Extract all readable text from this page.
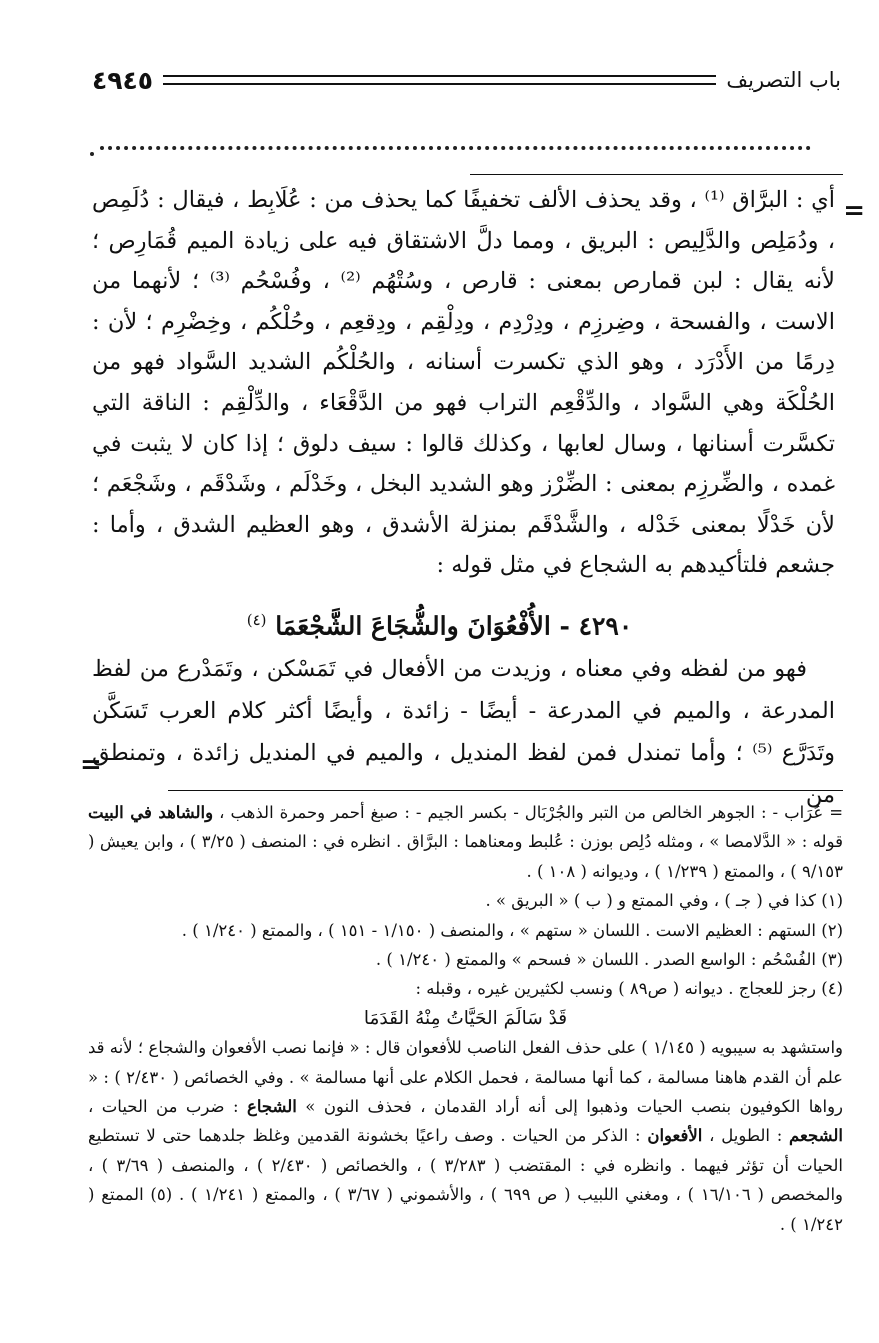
باب التصريف
٤٩٤٥
=

أي : البرَّاق ⁽¹⁾ ، وقد يحذف الألف تخفيفًا كما يحذف من : عُلَابِط ، فيقال : دُلَمِص ، ودُمَلِص والدَّلِيص : البريق ، ومما دلَّ الاشتقاق فيه على زيادة الميم قُمَارِص ؛ لأنه يقال : لبن قمارص بمعنى : قارص ، وسُتْهُم ⁽²⁾ ، وفُسْحُم ⁽³⁾ ؛ لأنهما من الاست ، والفسحة ، وضِرزِم ، ودِرْدِم ، ودِلْقِم ، ودِقعِم ، وحُلْكُم ، وخِضْرِم ؛ لأن : دِرمًا من الأَدْرَد ، وهو الذي تكسرت أسنانه ، والحُلْكُم الشديد السَّواد فهو من الحُلْكَة وهي السَّواد ، والدِّقْعِم التراب فهو من الدَّقْعَاء ، والدِّلْقِم : الناقة التي تكسَّرت أسنانها ، وسال لعابها ، وكذلك قالوا : سيف دلوق ؛ إذا كان لا يثبت في غمده ، والضِّرزِم بمعنى : الضِّرْز وهو الشديد البخل ، وخَدْلَم ، وشَدْقَم ، وشَجْعَم ؛ لأن خَدْلًا بمعنى خَدْله ، والشَّدْقَم بمنزلة الأشدق ، وهو العظيم الشدق ، وأما : جشعم فلتأكيدهم به الشجاع في مثل قوله :

٤٢٩٠ - الأُفْعُوَانَ والشُّجَاعَ الشَّجْعَمَا $^{(٤)}$

فهو من لفظه وفي معناه ، وزيدت من الأفعال في تَمَسْكن ، وتَمَدْرع من لفظ المدرعة ، والميم في المدرعة - أيضًا - زائدة ، وأيضًا أكثر كلام العرب تَسَكَّن وتَدَرَّع ⁽⁵⁾ ؛ وأما تمندل فمن لفظ المنديل ، والميم في المنديل زائدة ، وتمنطق من

=

= عُرَاب - : الجوهر الخالص من التبر والجُرْبَال - بكسر الجيم - : صبغ أحمر وحمرة الذهب ، والشاهد في البيت قوله : « الدَّلامصا » ، ومثله دُلِص بوزن : عُلبط ومعناهما : البرَّاق . انظره في : المنصف ( ٣/٢٥ ) ، وابن يعيش ( ٩/١٥٣ ) ، والممتع ( ١/٢٣٩ ) ، وديوانه ( ١٠٨ ) .

(١) كذا في ( جـ ) ، وفي الممتع و ( ب ) « البريق » .

(٢) الستهم : العظيم الاست . اللسان « ستهم » ، والمنصف ( ١/١٥٠ - ١٥١ ) ، والممتع ( ١/٢٤٠ ) .

(٣) الفُسْحُم : الواسع الصدر . اللسان « فسحم » والممتع ( ١/٢٤٠ ) .

(٤) رجز للعجاج . ديوانه ( ص٨٩ ) ونسب لكثيرين غيره ، وقبله :

قَدْ سَالَمَ الحَيَّاتُ مِنْهُ القَدَمَا

واستشهد به سيبويه ( ١/١٤٥ ) على حذف الفعل الناصب للأفعوان قال : « فإنما نصب الأفعوان والشجاع ؛ لأنه قد علم أن القدم هاهنا مسالمة ، كما أنها مسالمة ، فحمل الكلام على أنها مسالمة » . وفي الخصائص ( ٢/٤٣٠ ) : « رواها الكوفيون بنصب الحيات وذهبوا إلى أنه أراد القدمان ، فحذف النون » الشجاع : ضرب من الحيات ، الشجعم : الطويل ، الأفعوان : الذكر من الحيات . وصف راعيًا بخشونة القدمين وغلظ جلدهما حتى لا تستطيع الحيات أن تؤثر فيهما . وانظره في : المقتضب ( ٣/٢٨٣ ) ، والخصائص ( ٢/٤٣٠ ) ، والمنصف ( ٣/٦٩ ) ، والمخصص ( ١٦/١٠٦ ) ، ومغني اللبيب ( ص ٦٩٩ ) ، والأشموني ( ٣/٦٧ ) ، والممتع ( ١/٢٤١ ) . (٥) الممتع ( ١/٢٤٢ ) .
